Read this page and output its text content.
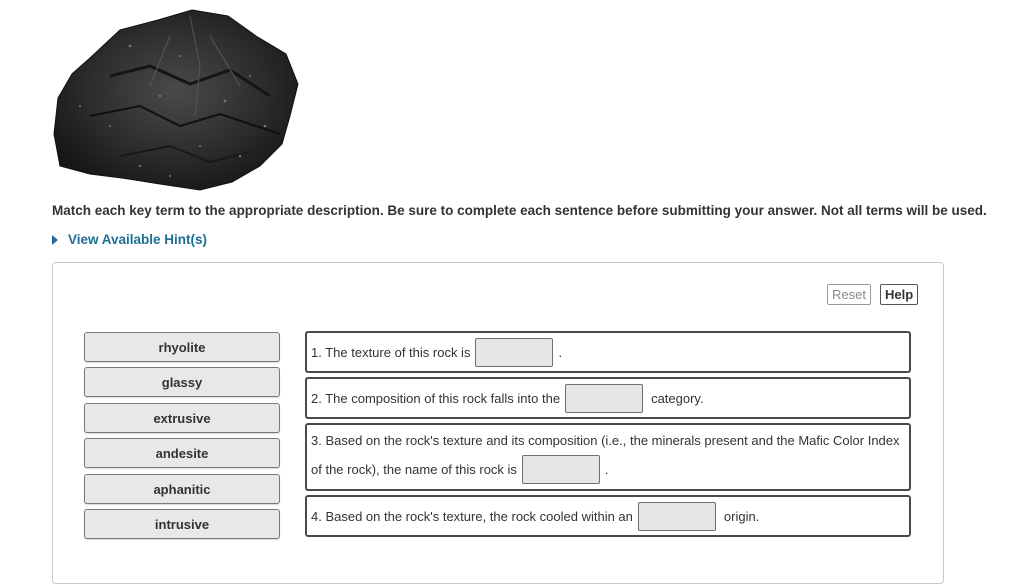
Match each key term to the appropriate description. Be sure to complete each sentence before submitting your answer. Not all terms will be used.
View Available Hint(s)
Reset	Help
rhyolite
glassy
extrusive
andesite
aphanitic
intrusive
1. The texture of this rock is	.
2. The composition of this rock falls into the	category.
3. Based on the rock's texture and its composition (i.e., the minerals present and the Mafic Color Index
of the rock), the name of this rock is	.
4. Based on the rock's texture, the rock cooled within an	origin.
